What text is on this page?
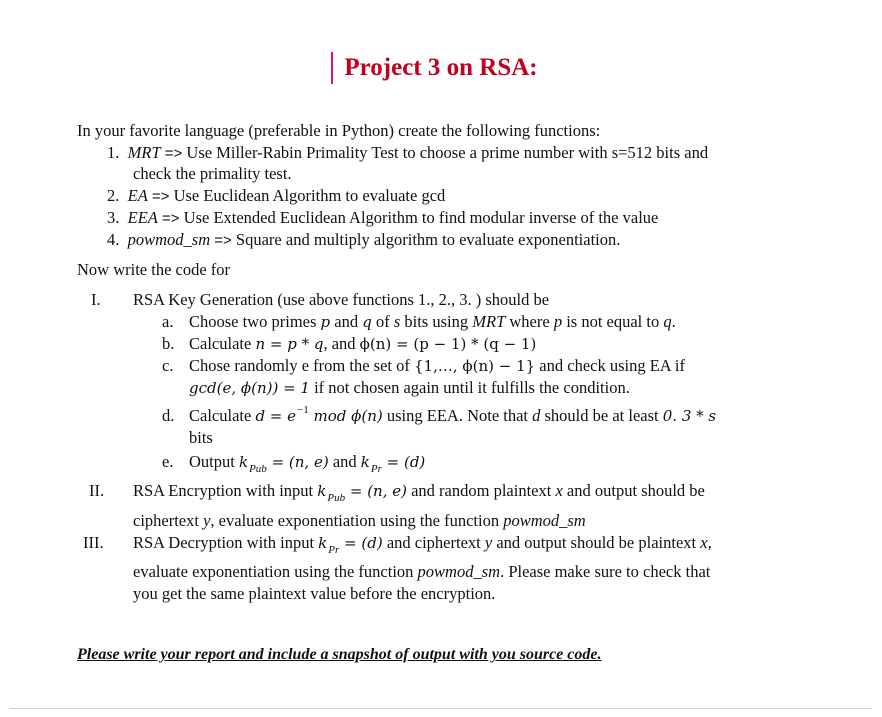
Project 3 on RSA:
In your favorite language (preferable in Python) create the following functions:
1. MRT => Use Miller-Rabin Primality Test to choose a prime number with s=512 bits and
check the primality test.
2. EA => Use Euclidean Algorithm to evaluate gcd
3. EEA => Use Extended Euclidean Algorithm to find modular inverse of the value
4. powmod_sm => Square and multiply algorithm to evaluate exponentiation.
Now write the code for
I. RSA Key Generation (use above functions 1., 2., 3. ) should be
a. Choose two primes p and q of s bits using MRT where p is not equal to q.
b. Calculate n = p * q, and ϕ(n) = (p − 1) * (q − 1)
c. Chose randomly e from the set of {1,…, ϕ(n) − 1} and check using EA if
gcd(e, ϕ(n)) = 1 if not chosen again until it fulfills the condition.
d. Calculate $d = e^{-1}$ mod ϕ(n) using EEA. Note that d should be at least 0. 3 * s
bits
e. Output $k_{Pub} = (n$, e) and $k_{Pr} = (d)$
II. RSA Encryption with input $k_{Pub} = (n$, e) and random plaintext x and output should be
ciphertext y, evaluate exponentiation using the function powmod_sm
III. RSA Decryption with input $k_{Pr} = (d)$ and ciphertext y and output should be plaintext x,
evaluate exponentiation using the function powmod_sm. Please make sure to check that
you get the same plaintext value before the encryption.
Please write your report and include a snapshot of output with you source code.
